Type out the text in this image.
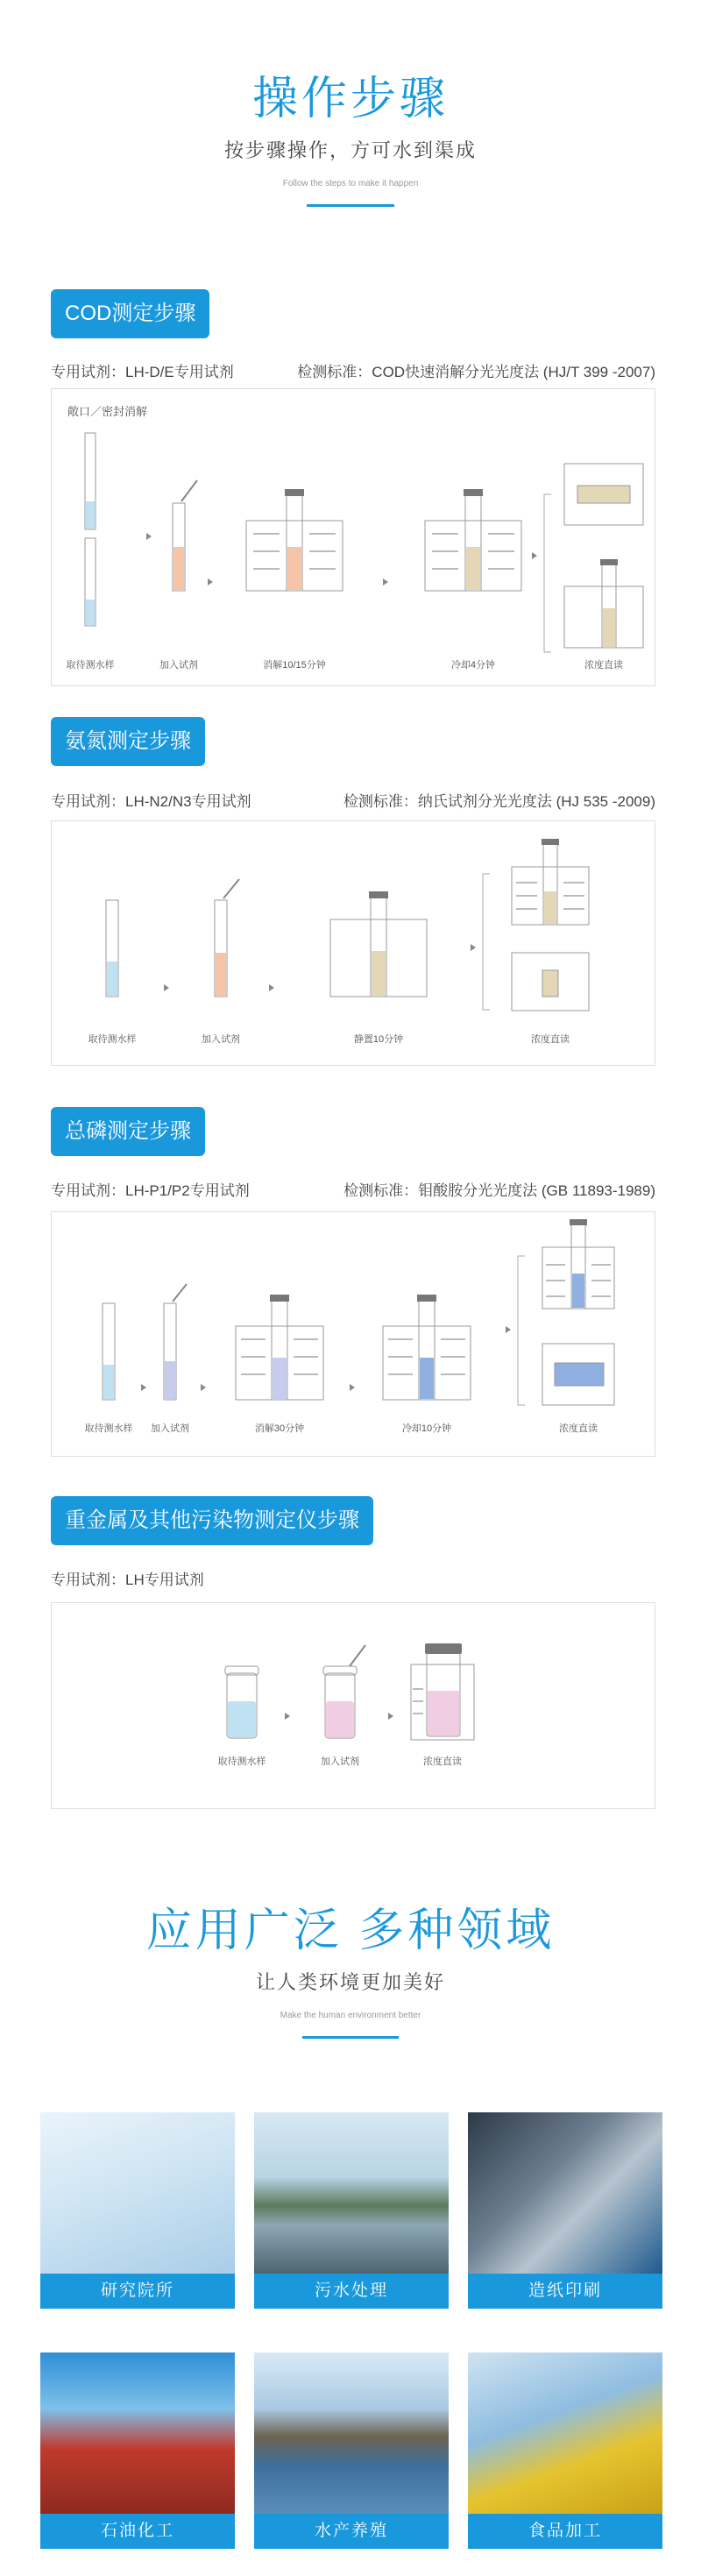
操作步骤
按步骤操作，方可水到渠成
Follow the steps to make it happen
COD测定步骤
专用试剂：LH-D/E专用试剂	检测标准：COD快速消解分光光度法 (HJ/T 399 -2007)
敞口／密封消解
取待测水样	加入试剂	消解10/15分钟	冷却4分钟	浓度直读
氨氮测定步骤
专用试剂：LH-N2/N3专用试剂	检测标准：纳氏试剂分光光度法 (HJ 535 -2009)
取待测水样	加入试剂	静置10分钟	浓度直读
总磷测定步骤
专用试剂：LH-P1/P2专用试剂	检测标准：钼酸胺分光光度法 (GB 11893-1989)
取待测水样 加入试剂	消解30分钟	冷却10分钟	浓度直读
重金属及其他污染物测定仪步骤
专用试剂：LH专用试剂
取待测水样	加入试剂	浓度直读
应用广泛 多种领域
让人类环境更加美好
Make the human environment better
研究院所	污水处理	造纸印刷
石油化工	水产养殖	食品加工
